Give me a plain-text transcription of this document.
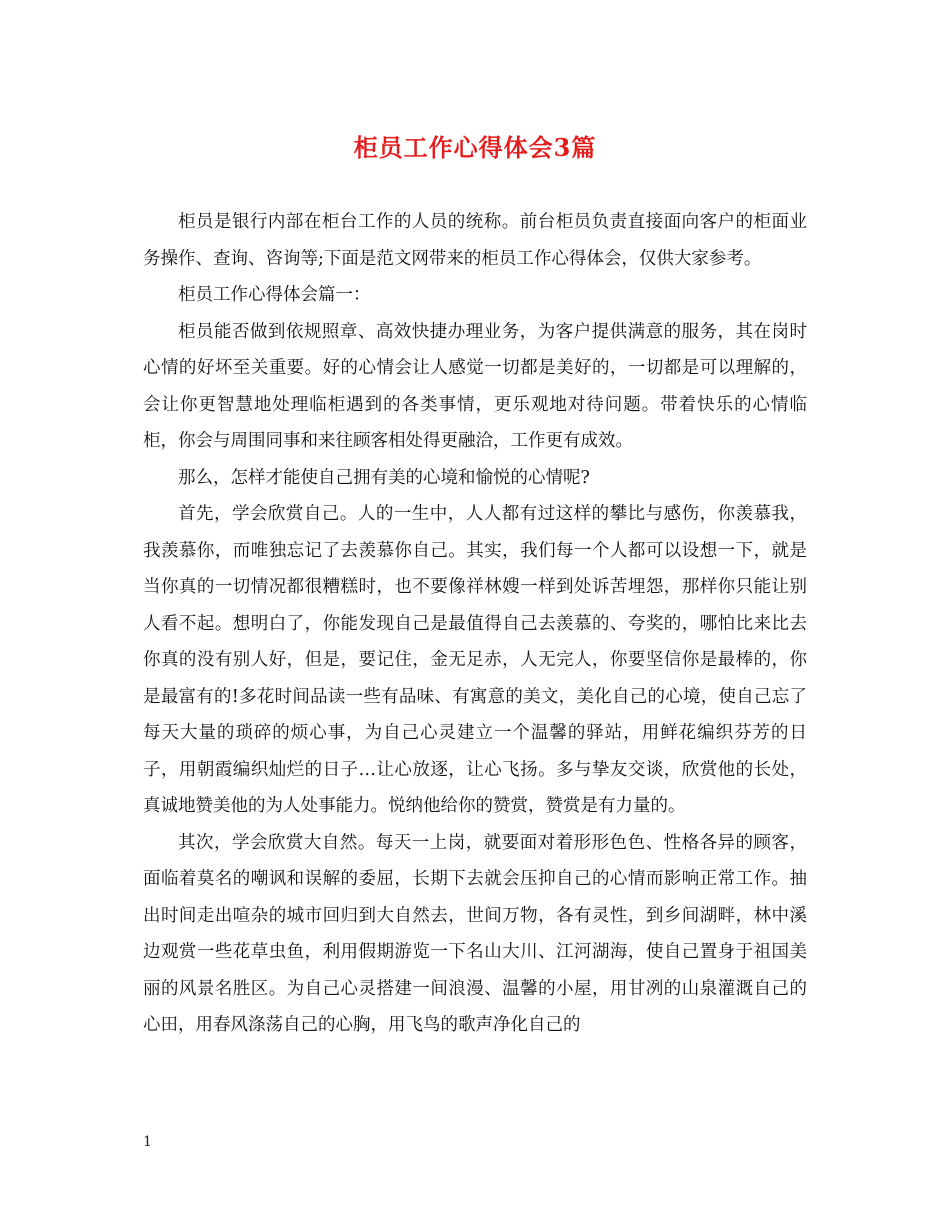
柜员工作心得体会3篇

柜员是银行内部在柜台工作的人员的统称。前台柜员负责直接面向客户的柜面业务操作、查询、咨询等;下面是范文网带来的柜员工作心得体会，仅供大家参考。

柜员工作心得体会篇一：

柜员能否做到依规照章、高效快捷办理业务，为客户提供满意的服务，其在岗时心情的好坏至关重要。好的心情会让人感觉一切都是美好的，一切都是可以理解的，会让你更智慧地处理临柜遇到的各类事情，更乐观地对待问题。带着快乐的心情临柜，你会与周围同事和来往顾客相处得更融洽，工作更有成效。

那么，怎样才能使自己拥有美的心境和愉悦的心情呢?

首先，学会欣赏自己。人的一生中，人人都有过这样的攀比与感伤，你羡慕我，我羡慕你，而唯独忘记了去羡慕你自己。其实，我们每一个人都可以设想一下，就是当你真的一切情况都很糟糕时，也不要像祥林嫂一样到处诉苦埋怨，那样你只能让别人看不起。想明白了，你能发现自己是最值得自己去羡慕的、夸奖的，哪怕比来比去你真的没有别人好，但是，要记住，金无足赤，人无完人，你要坚信你是最棒的，你是最富有的!多花时间品读一些有品味、有寓意的美文，美化自己的心境，使自己忘了每天大量的琐碎的烦心事，为自己心灵建立一个温馨的驿站，用鲜花编织芬芳的日子，用朝霞编织灿烂的日子…让心放逐，让心飞扬。多与挚友交谈，欣赏他的长处，真诚地赞美他的为人处事能力。悦纳他给你的赞赏，赞赏是有力量的。

其次，学会欣赏大自然。每天一上岗，就要面对着形形色色、性格各异的顾客，面临着莫名的嘲讽和误解的委屈，长期下去就会压抑自己的心情而影响正常工作。抽出时间走出喧杂的城市回归到大自然去，世间万物，各有灵性，到乡间湖畔，林中溪边观赏一些花草虫鱼，利用假期游览一下名山大川、江河湖海，使自己置身于祖国美丽的风景名胜区。为自己心灵搭建一间浪漫、温馨的小屋，用甘冽的山泉灌溉自己的心田，用春风涤荡自己的心胸，用飞鸟的歌声净化自己的

1
